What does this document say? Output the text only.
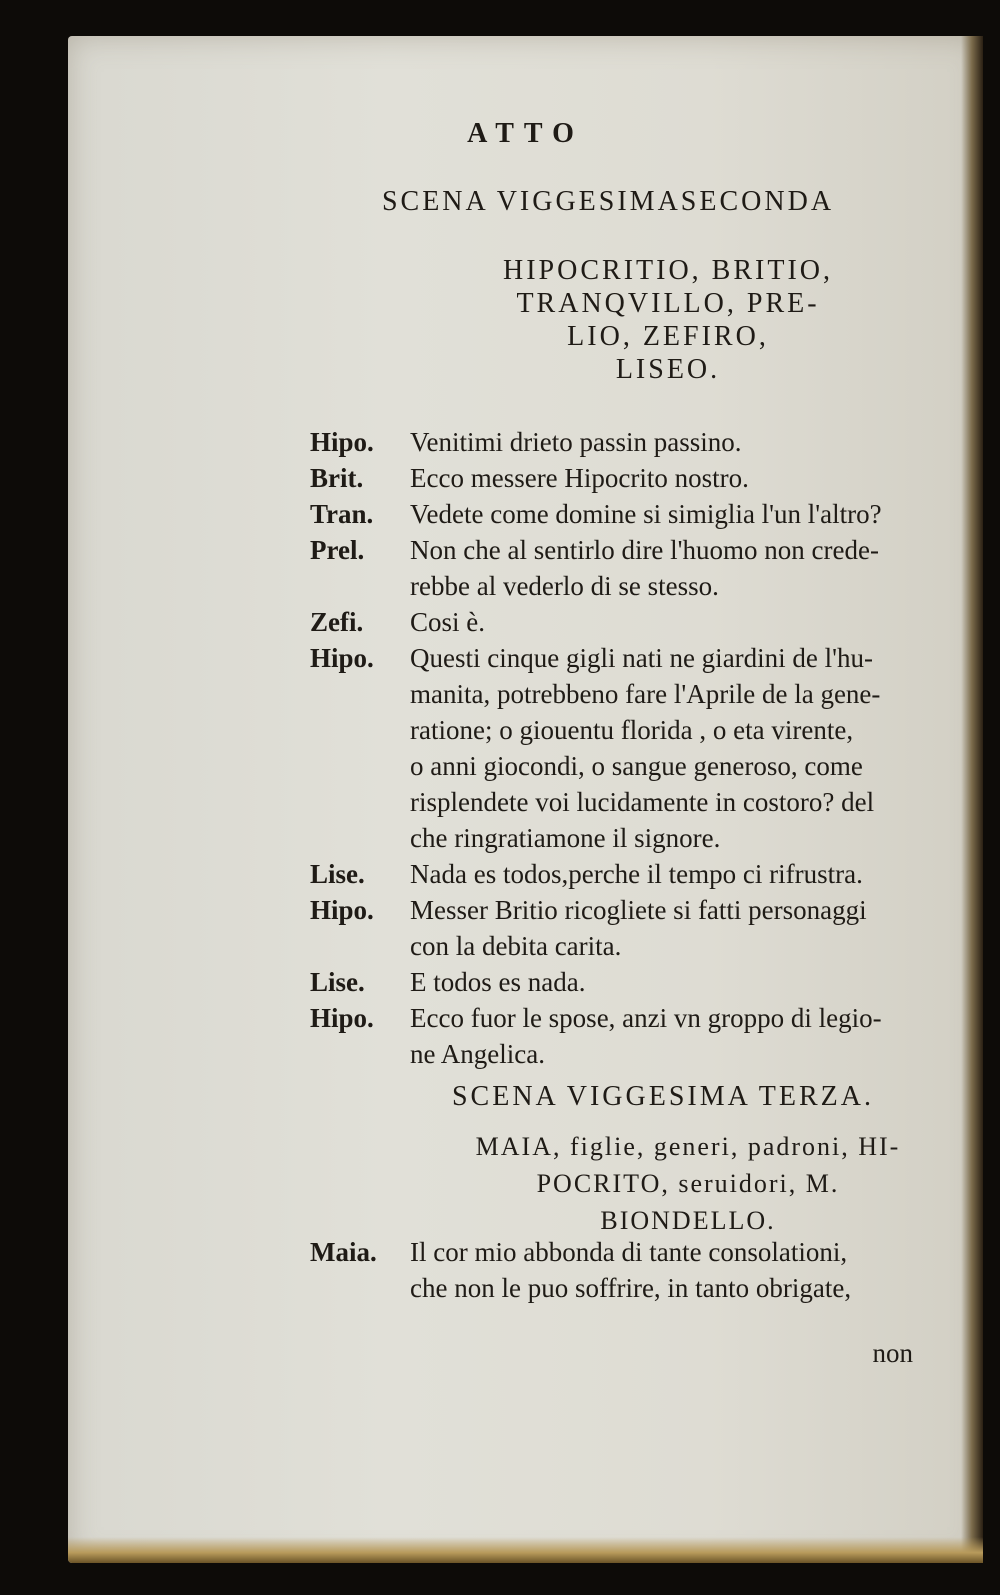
ATTO
SCENA VIGGESIMASECONDA
HIPOCRITIO, BRITIO,
TRANQVILLO, PRE-
LIO, ZEFIRO,
LISEO.
Hipo.	Venitimi drieto passin passino.
Brit.	Ecco messere Hipocrito nostro.
Tran.	Vedete come domine si simiglia l'un l'altro?
Prel.	Non che al sentirlo dire l'huomo non crede-
rebbe al vederlo di se stesso.
Zefi.	Cosi è.
Hipo.	Questi cinque gigli nati ne giardini de l'hu-
manita, potrebbeno fare l'Aprile de la gene-
ratione; o giouentu florida , o eta virente,
o anni giocondi, o sangue generoso, come
risplendete voi lucidamente in costoro? del
che ringratiamone il signore.
Lise.	Nada es todos,perche il tempo ci rifrustra.
Hipo.	Messer Britio ricogliete si fatti personaggi
con la debita carita.
Lise.	E todos es nada.
Hipo.	Ecco fuor le spose, anzi vn groppo di legio-
ne Angelica.
SCENA VIGGESIMA TERZA.
MAIA, figlie, generi, padroni, HI-
POCRITO, seruidori, M.
BIONDELLO.
Maia.	Il cor mio abbonda di tante consolationi,
che non le puo soffrire, in tanto obrigate,
non
